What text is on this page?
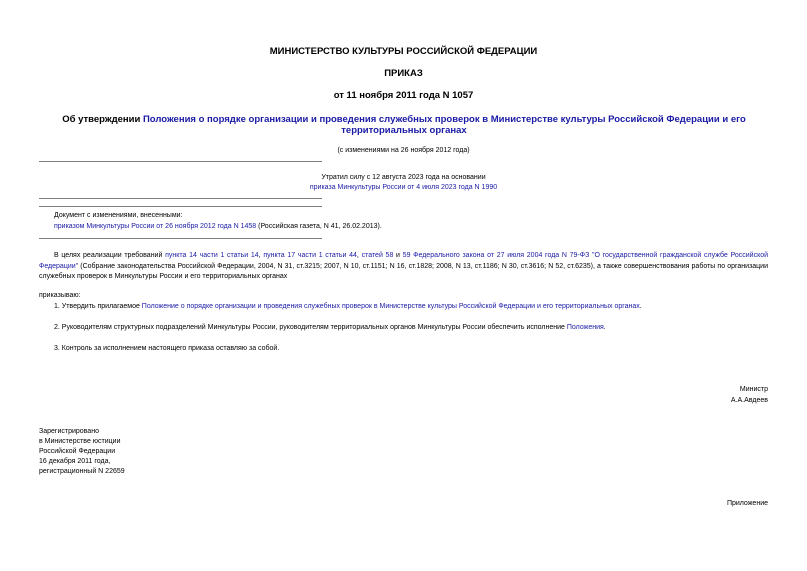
МИНИСТЕРСТВО КУЛЬТУРЫ РОССИЙСКОЙ ФЕДЕРАЦИИ
ПРИКАЗ
от 11 ноября 2011 года N 1057
Об утверждении Положения о порядке организации и проведения служебных проверок в Министерстве культуры Российской Федерации и его территориальных органах
(с изменениями на 26 ноября 2012 года)
Утратил силу с 12 августа 2023 года на основании
приказа Минкультуры России от 4 июля 2023 года N 1990
Документ с изменениями, внесенными:
приказом Минкультуры России от 26 ноября 2012 года N 1458 (Российская газета, N 41, 26.02.2013).
В целях реализации требований пункта 14 части 1 статьи 14, пункта 17 части 1 статьи 44, статей 58 и 59 Федерального закона от 27 июля 2004 года N 79-ФЗ "О государственной гражданской службе Российской Федерации" (Собрание законодательства Российской Федерации, 2004, N 31, ст.3215; 2007, N 10, ст.1151; N 16, ст.1828; 2008, N 13, ст.1186; N 30, ст.3616; N 52, ст.6235), а также совершенствования работы по организации служебных проверок в Минкультуры России и его территориальных органах
приказываю:
1. Утвердить прилагаемое Положение о порядке организации и проведения служебных проверок в Министерстве культуры Российской Федерации и его территориальных органах.
2. Руководителям структурных подразделений Минкультуры России, руководителям территориальных органов Минкультуры России обеспечить исполнение Положения.
3. Контроль за исполнением настоящего приказа оставляю за собой.
Министр
А.А.Авдеев
Зарегистрировано
в Министерстве юстиции
Российской Федерации
16 декабря 2011 года,
регистрационный N 22659
Приложение
